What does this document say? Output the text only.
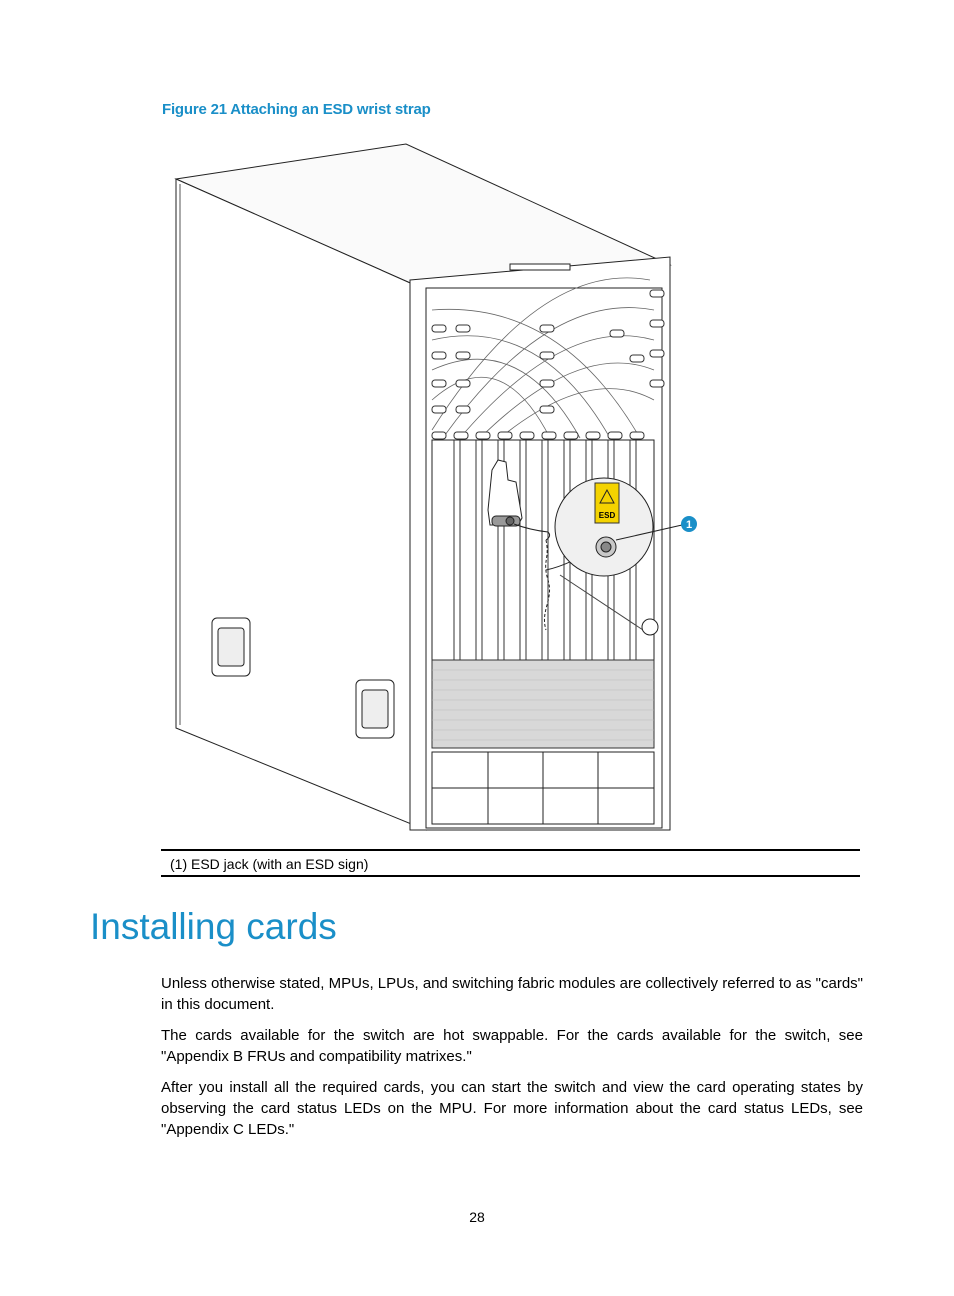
Figure 21 Attaching an ESD wrist strap
ESD
1
(1) ESD jack (with an ESD sign)
Installing cards

Unless otherwise stated, MPUs, LPUs, and switching fabric modules are collectively referred to as "cards" in this document.

The cards available for the switch are hot swappable. For the cards available for the switch, see "Appendix B FRUs and compatibility matrixes."

After you install all the required cards, you can start the switch and view the card operating states by observing the card status LEDs on the MPU. For more information about the card status LEDs, see "Appendix C LEDs."

28
